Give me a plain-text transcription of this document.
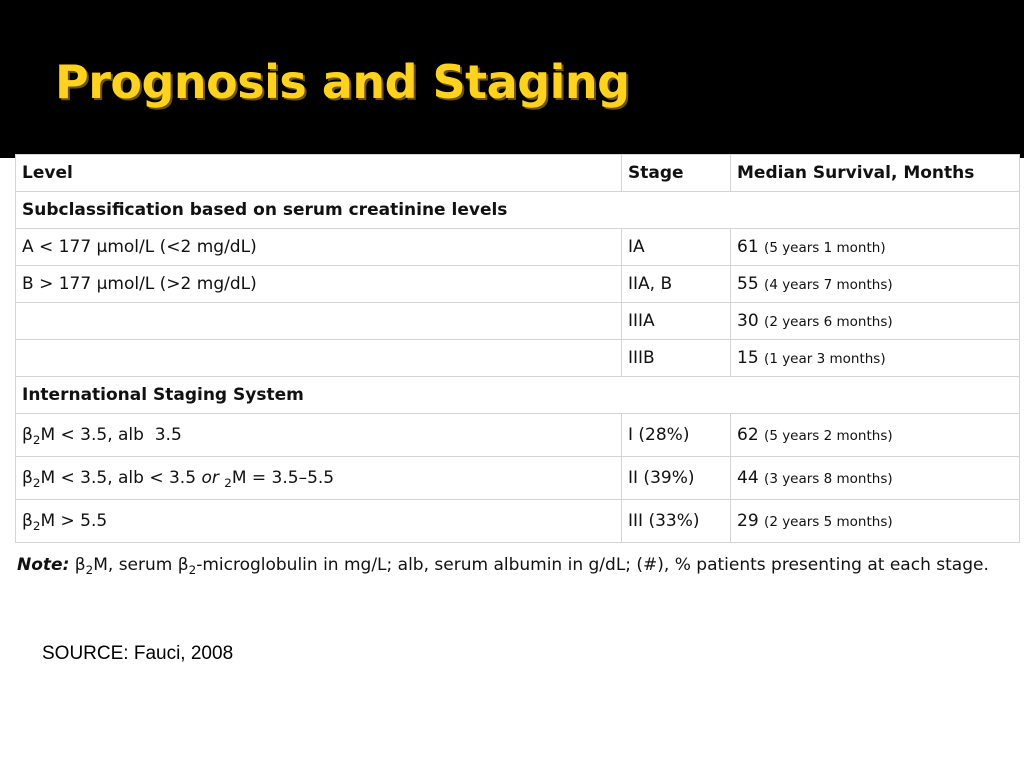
Prognosis and Staging
Level	Stage	Median Survival, Months
Subclassification based on serum creatinine levels		
A < 177 µmol/L (<2 mg/dL)	IA	61 (5 years 1 month)
B > 177 µmol/L (>2 mg/dL)	IIA, B	55 (4 years 7 months)
	IIIA	30 (2 years 6 months)
	IIIB	15 (1 year 3 months)
International Staging System		
$\beta_2M < 3.5$, alb  3.5	I (28%)	62 (5 years 2 months)
$\beta_2M < 3.5$, alb < 3.5 or $_2$M = 3.5–5.5	II (39%)	44 (3 years 8 months)
$\beta_2M > 5.5$	III (33%)	29 (2 years 5 months)
Note: $\beta_2M$, serum $\beta_2$-microglobulin in mg/L; alb, serum albumin in g/dL; (#), % patients presenting at each stage.
SOURCE: Fauci, 2008
